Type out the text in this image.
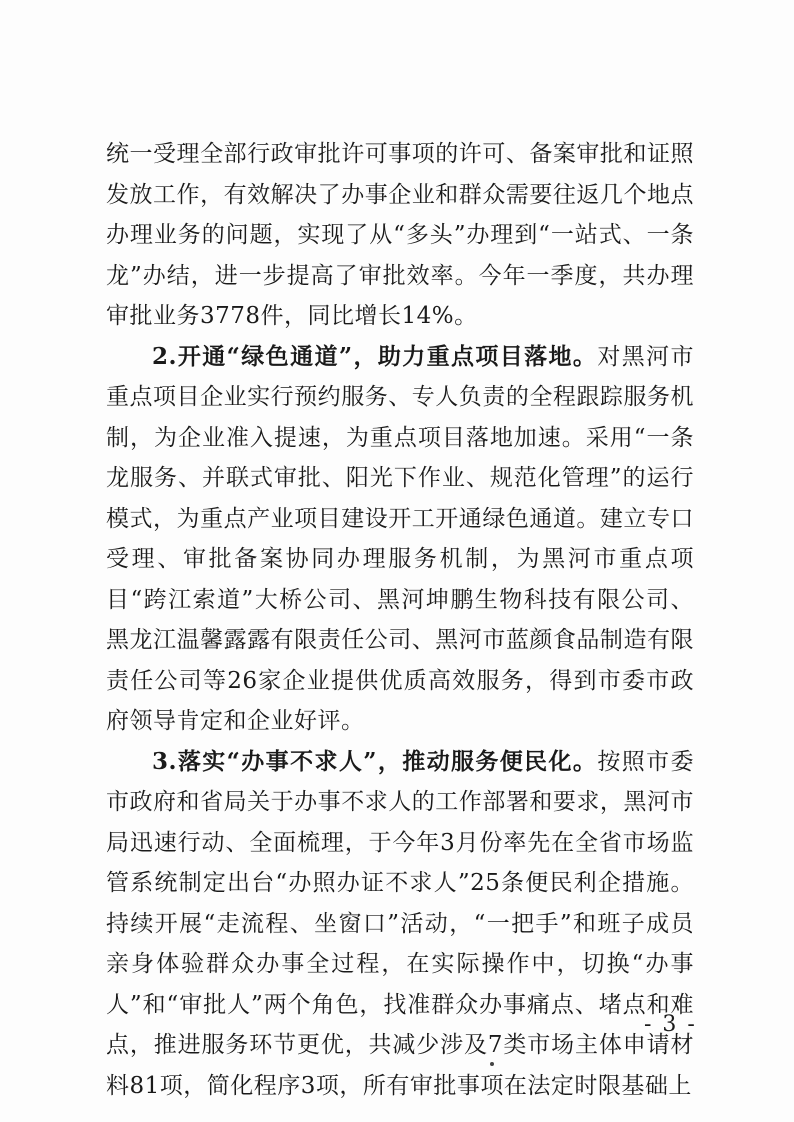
统一受理全部行政审批许可事项的许可、备案审批和证照发放工作，有效解决了办事企业和群众需要往返几个地点办理业务的问题，实现了从“多头”办理到“一站式、一条龙”办结，进一步提高了审批效率。今年一季度，共办理审批业务3778件，同比增长14%。

2.开通“绿色通道”，助力重点项目落地。对黑河市重点项目企业实行预约服务、专人负责的全程跟踪服务机制，为企业准入提速，为重点项目落地加速。采用“一条龙服务、并联式审批、阳光下作业、规范化管理”的运行模式，为重点产业项目建设开工开通绿色通道。建立专口受理、审批备案协同办理服务机制，为黑河市重点项目“跨江索道”大桥公司、黑河坤鹏生物科技有限公司、黑龙江温馨露露有限责任公司、黑河市蓝颜食品制造有限责任公司等26家企业提供优质高效服务，得到市委市政府领导肯定和企业好评。

3.落实“办事不求人”，推动服务便民化。按照市委市政府和省局关于办事不求人的工作部署和要求，黑河市局迅速行动、全面梳理，于今年3月份率先在全省市场监管系统制定出台“办照办证不求人”25条便民利企措施。持续开展“走流程、坐窗口”活动，“一把手”和班子成员亲身体验群众办事全过程，在实际操作中，切换“办事人”和“审批人”两个角色，找准群众办事痛点、堵点和难点，推进服务环节更优，共减少涉及7类市场主体申请材料81项，简化程序3项，所有审批事项在法定时限基础上

- 3 -
